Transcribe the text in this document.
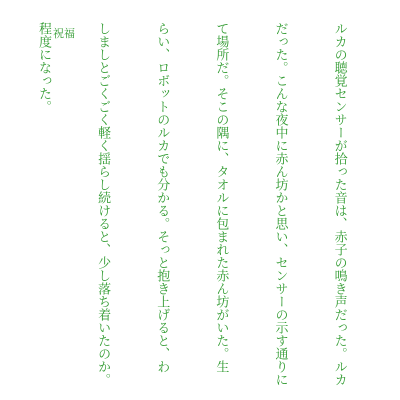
祝福

	ルカの聴覚センサーが拾った音は、赤子の鳴き声だった。ルカ

だった。こんな夜中に赤ん坊かと思い、センサーの示す通りに

て場所だ。そこの隅に、タオルに包まれた赤ん坊がいた。生

らい、ロボットのルカでも分かる。そっと抱き上げると、わ

しましとごくごく軽く揺らし続けると、少し落ち着いたのか。

程度になった。
